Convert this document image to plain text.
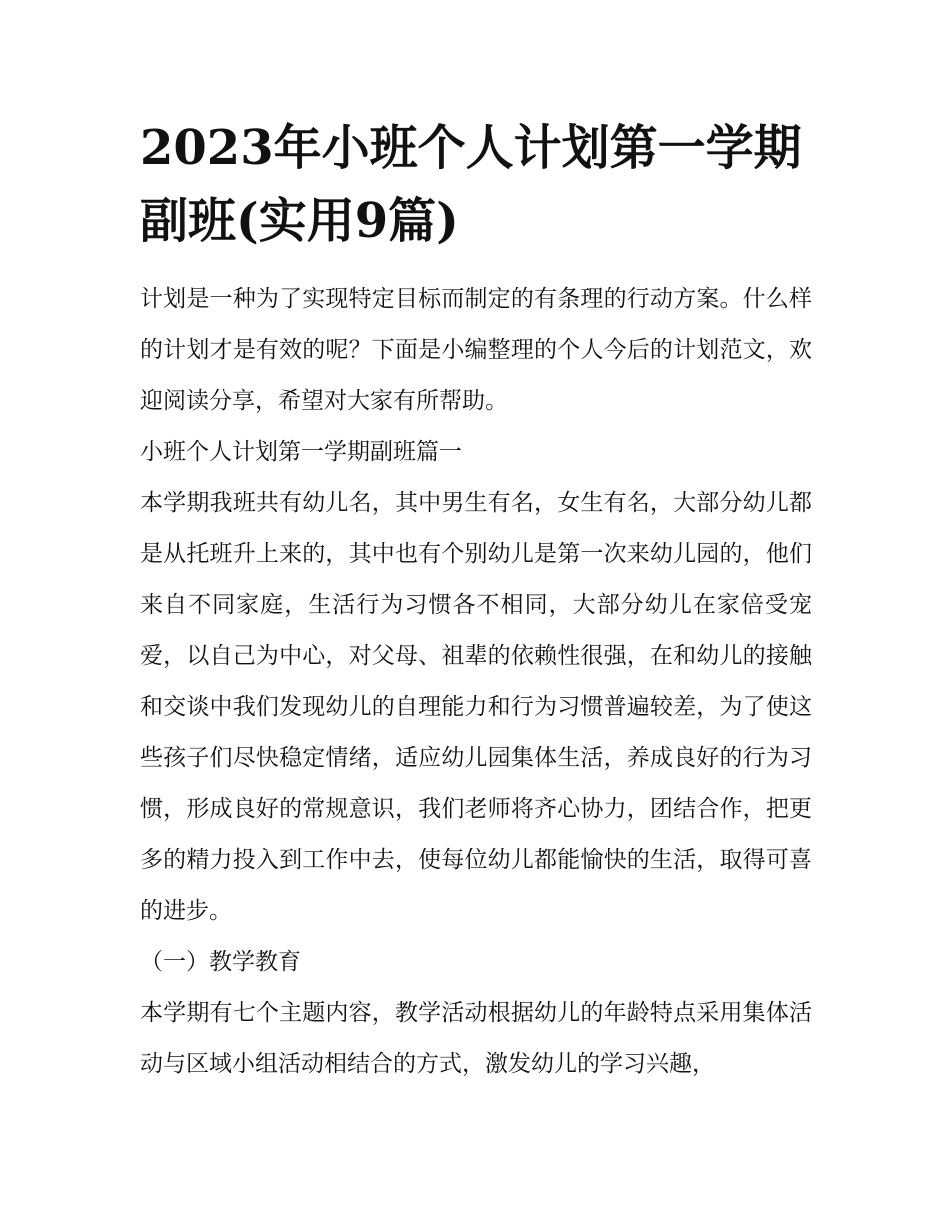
2023年小班个人计划第一学期副班(实用9篇)

计划是一种为了实现特定目标而制定的有条理的行动方案。什么样的计划才是有效的呢？下面是小编整理的个人今后的计划范文，欢迎阅读分享，希望对大家有所帮助。

小班个人计划第一学期副班篇一

本学期我班共有幼儿名，其中男生有名，女生有名，大部分幼儿都是从托班升上来的，其中也有个别幼儿是第一次来幼儿园的，他们来自不同家庭，生活行为习惯各不相同，大部分幼儿在家倍受宠爱，以自己为中心，对父母、祖辈的依赖性很强，在和幼儿的接触和交谈中我们发现幼儿的自理能力和行为习惯普遍较差，为了使这些孩子们尽快稳定情绪，适应幼儿园集体生活，养成良好的行为习惯，形成良好的常规意识，我们老师将齐心协力，团结合作，把更多的精力投入到工作中去，使每位幼儿都能愉快的生活，取得可喜的进步。

（一）教学教育

本学期有七个主题内容，教学活动根据幼儿的年龄特点采用集体活动与区域小组活动相结合的方式，激发幼儿的学习兴趣，
